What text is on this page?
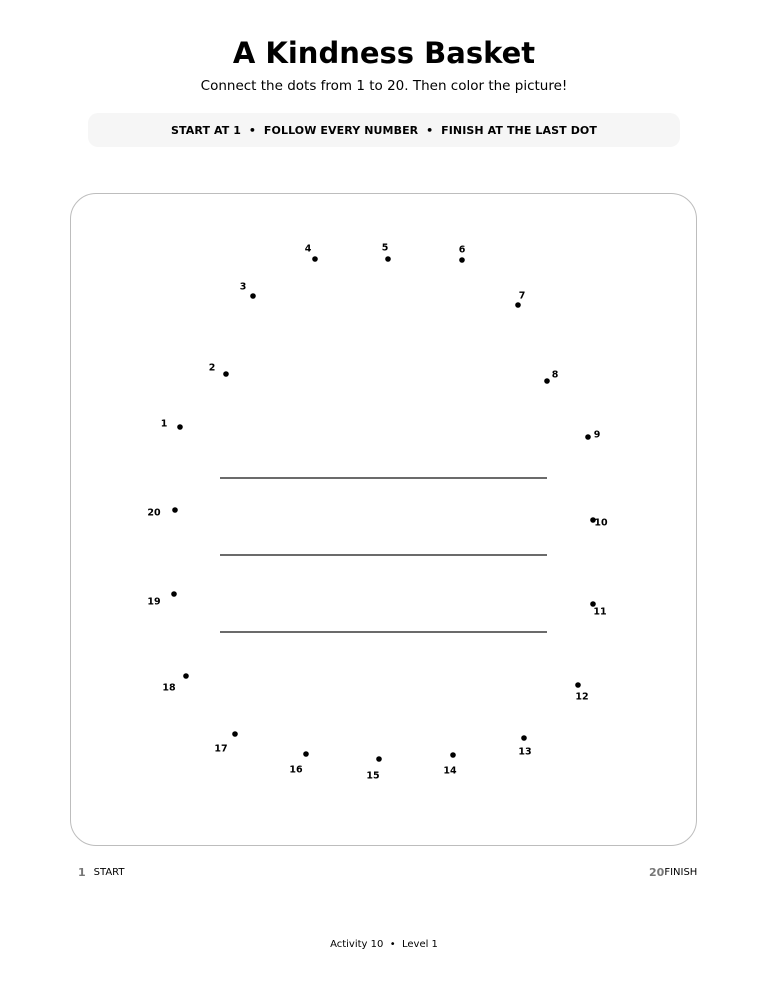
A Kindness Basket
Connect the dots from 1 to 20. Then color the picture!
START AT 1  •  FOLLOW EVERY NUMBER  •  FINISH AT THE LAST DOT
1
2
3
4	5	6
7
8
9
10
11
12
13
14
15
16
17
18
19
20
1 START	20 FINISH
Activity 10  •  Level 1
